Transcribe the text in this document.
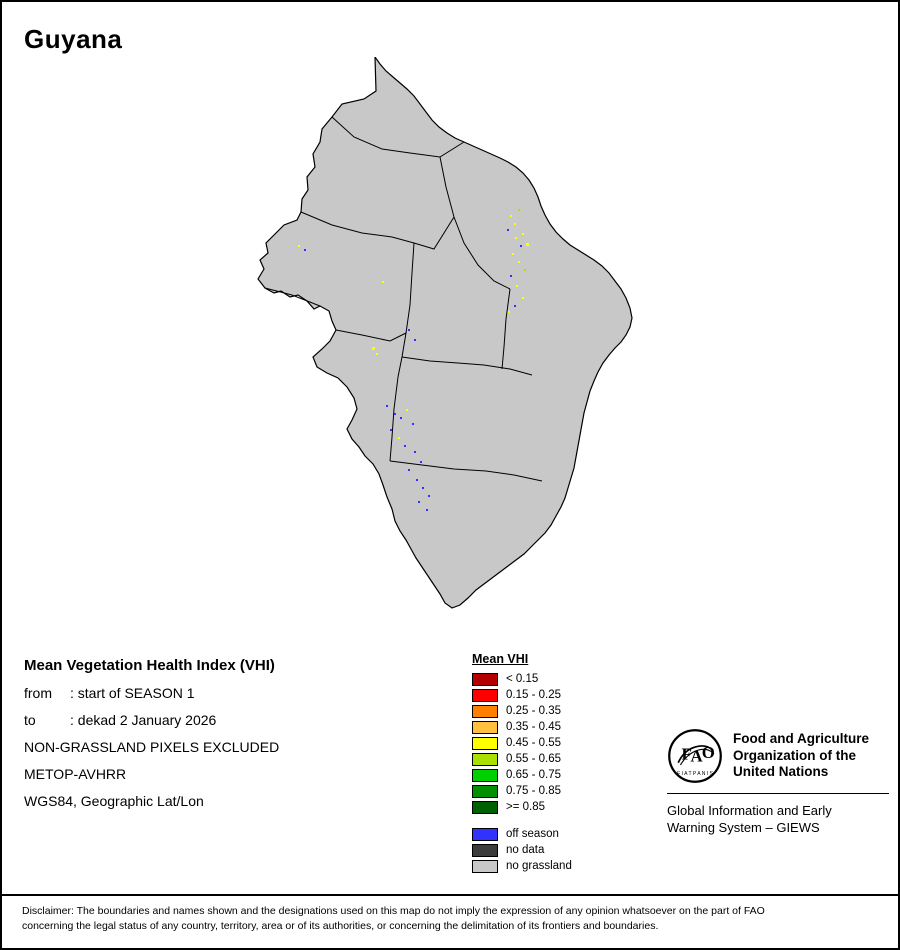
Guyana
Mean Vegetation Health Index (VHI)
from : start of SEASON 1
to : dekad 2 January 2026
NON-GRASSLAND PIXELS EXCLUDED
METOP-AVHRR
WGS84, Geographic Lat/Lon
Mean VHI
< 0.15
0.15 - 0.25
0.25 - 0.35
0.35 - 0.45
0.45 - 0.55
0.55 - 0.65
0.65 - 0.75
0.75 - 0.85
>= 0.85
off season
no data
no grassland
F
A O
F I A T P A N I S
Food and Agriculture
Organization of the
United Nations
Global Information and Early
Warning System – GIEWS
Disclaimer: The boundaries and names shown and the designations used on this map do not imply the expression of any opinion whatsoever on the part of FAO
concerning the legal status of any country, territory, area or of its authorities, or concerning the delimitation of its frontiers and boundaries.
